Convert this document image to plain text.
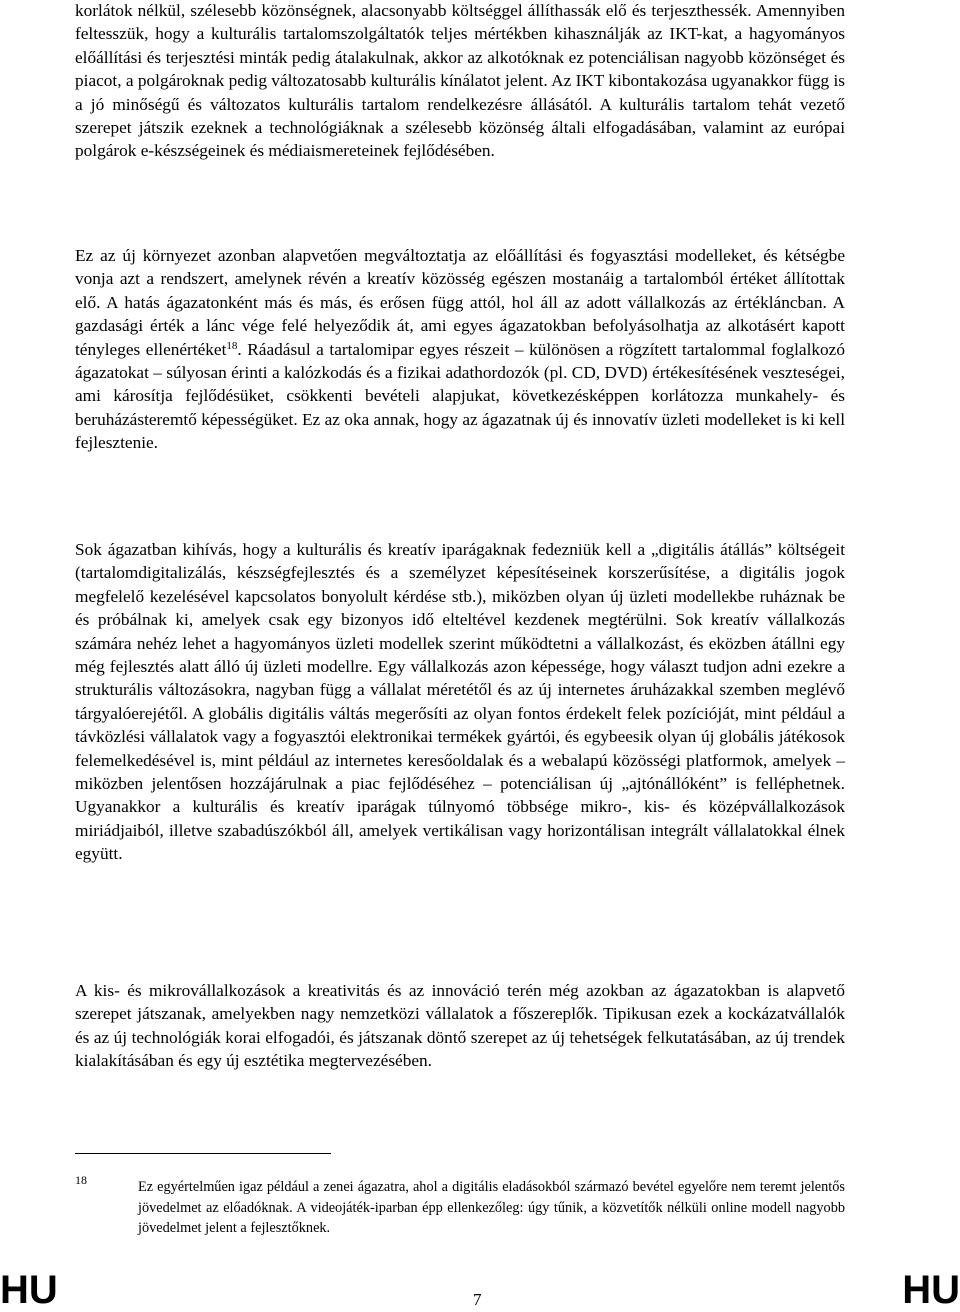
korlátok nélkül, szélesebb közönségnek, alacsonyabb költséggel állíthassák elő és terjeszthessék. Amennyiben feltesszük, hogy a kulturális tartalomszolgáltatók teljes mértékben kihasználják az IKT-kat, a hagyományos előállítási és terjesztési minták pedig átalakulnak, akkor az alkotóknak ez potenciálisan nagyobb közönséget és piacot, a polgároknak pedig változatosabb kulturális kínálatot jelent. Az IKT kibontakozása ugyanakkor függ is a jó minőségű és változatos kulturális tartalom rendelkezésre állásától. A kulturális tartalom tehát vezető szerepet játszik ezeknek a technológiáknak a szélesebb közönség általi elfogadásában, valamint az európai polgárok e-készségeinek és médiaismereteinek fejlődésében.

Ez az új környezet azonban alapvetően megváltoztatja az előállítási és fogyasztási modelleket, és kétségbe vonja azt a rendszert, amelynek révén a kreatív közösség egészen mostanáig a tartalomból értéket állítottak elő. A hatás ágazatonként más és más, és erősen függ attól, hol áll az adott vállalkozás az értékláncban. A gazdasági érték a lánc vége felé helyeződik át, ami egyes ágazatokban befolyásolhatja az alkotásért kapott tényleges ellenértéket$^{18}$. Ráadásul a tartalomipar egyes részeit – különösen a rögzített tartalommal foglalkozó ágazatokat – súlyosan érinti a kalózkodás és a fizikai adathordozók (pl. CD, DVD) értékesítésének veszteségei, ami károsítja fejlődésüket, csökkenti bevételi alapjukat, következésképpen korlátozza munkahely- és beruházásteremtő képességüket. Ez az oka annak, hogy az ágazatnak új és innovatív üzleti modelleket is ki kell fejlesztenie.

Sok ágazatban kihívás, hogy a kulturális és kreatív iparágaknak fedezniük kell a „digitális átállás” költségeit (tartalomdigitalizálás, készségfejlesztés és a személyzet képesítéseinek korszerűsítése, a digitális jogok megfelelő kezelésével kapcsolatos bonyolult kérdése stb.), miközben olyan új üzleti modellekbe ruháznak be és próbálnak ki, amelyek csak egy bizonyos idő elteltével kezdenek megtérülni. Sok kreatív vállalkozás számára nehéz lehet a hagyományos üzleti modellek szerint működtetni a vállalkozást, és eközben átállni egy még fejlesztés alatt álló új üzleti modellre. Egy vállalkozás azon képessége, hogy választ tudjon adni ezekre a strukturális változásokra, nagyban függ a vállalat méretétől és az új internetes áruházakkal szemben meglévő tárgyalóerejétől. A globális digitális váltás megerősíti az olyan fontos érdekelt felek pozícióját, mint például a távközlési vállalatok vagy a fogyasztói elektronikai termékek gyártói, és egybeesik olyan új globális játékosok felemelkedésével is, mint például az internetes keresőoldalak és a webalapú közösségi platformok, amelyek – miközben jelentősen hozzájárulnak a piac fejlődéséhez – potenciálisan új „ajtónállóként” is felléphetnek. Ugyanakkor a kulturális és kreatív iparágak túlnyomó többsége mikro-, kis- és középvállalkozások miriádjaiból, illetve szabadúszókból áll, amelyek vertikálisan vagy horizontálisan integrált vállalatokkal élnek együtt.

A kis- és mikrovállalkozások a kreativitás és az innováció terén még azokban az ágazatokban is alapvető szerepet játszanak, amelyekben nagy nemzetközi vállalatok a főszereplők. Tipikusan ezek a kockázatvállalók és az új technológiák korai elfogadói, és játszanak döntő szerepet az új tehetségek felkutatásában, az új trendek kialakításában és egy új esztétika megtervezésében.

18	Ez egyértelműen igaz például a zenei ágazatra, ahol a digitális eladásokból származó bevétel egyelőre nem teremt jelentős jövedelmet az előadóknak. A videojáték-iparban épp ellenkezőleg: úgy tűnik, a közvetítők nélküli online modell nagyobb jövedelmet jelent a fejlesztőknek.

HU	7	HU
